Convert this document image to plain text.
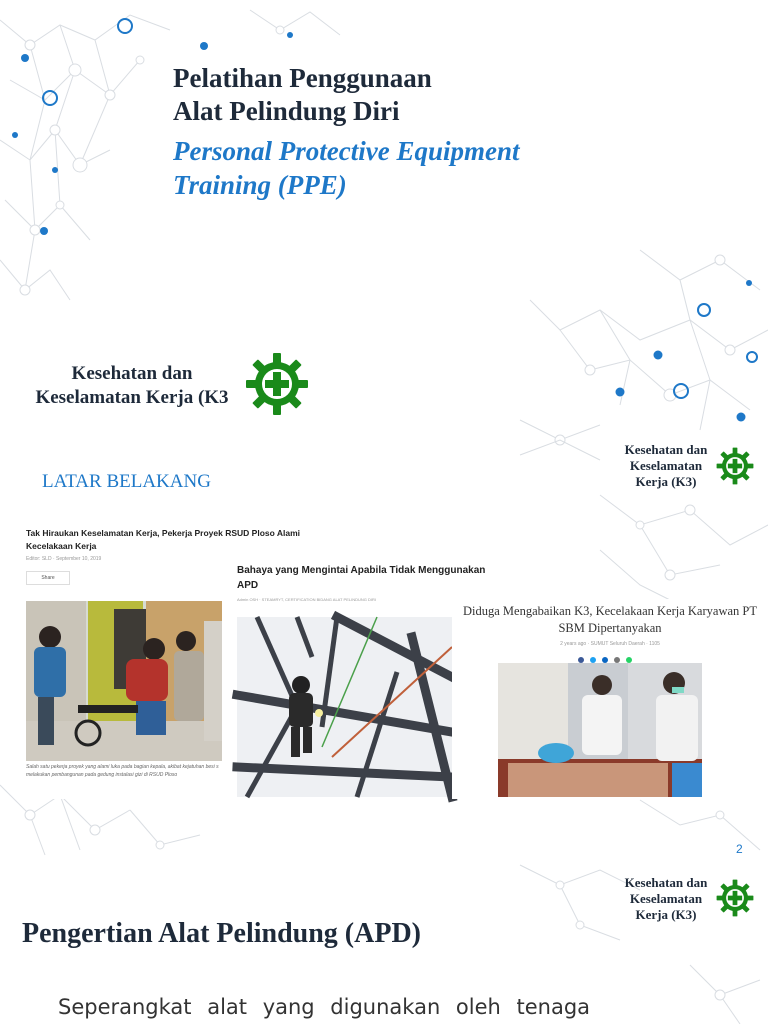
Pelatihan Penggunaan
Alat Pelindung Diri
Personal Protective Equipment
Training (PPE)
Kesehatan dan
Keselamatan Kerja (K3
Kesehatan dan
Keselamatan
Kerja (K3)
LATAR BELAKANG
Tak Hiraukan Keselamatan Kerja, Pekerja Proyek RSUD Ploso Alami
Kecelakaan Kerja
Editor: SLD · September 10, 2019
Share
Salah satu pekerja proyek yang alami luka pada bagian kepala, akibat kejatuhan besi s
melakukan pembangunan pada gedung instalasi gizi di RSUD Ploso
Bahaya yang Mengintai Apabila Tidak Menggunakan
APD
Admin OSH · STEAMRYT, CERTIFICATION BIDANG ALAT PELINDUNG DIRI
Diduga Mengabaikan K3, Kecelakaan Kerja Karyawan PT
SBM Dipertanyakan
2 years ago · SUMUT Seluruh Daerah · 1105

2
Kesehatan dan
Keselamatan
Kerja (K3)
Pengertian Alat Pelindung (APD)
Seperangkat alat yang digunakan oleh tenaga
